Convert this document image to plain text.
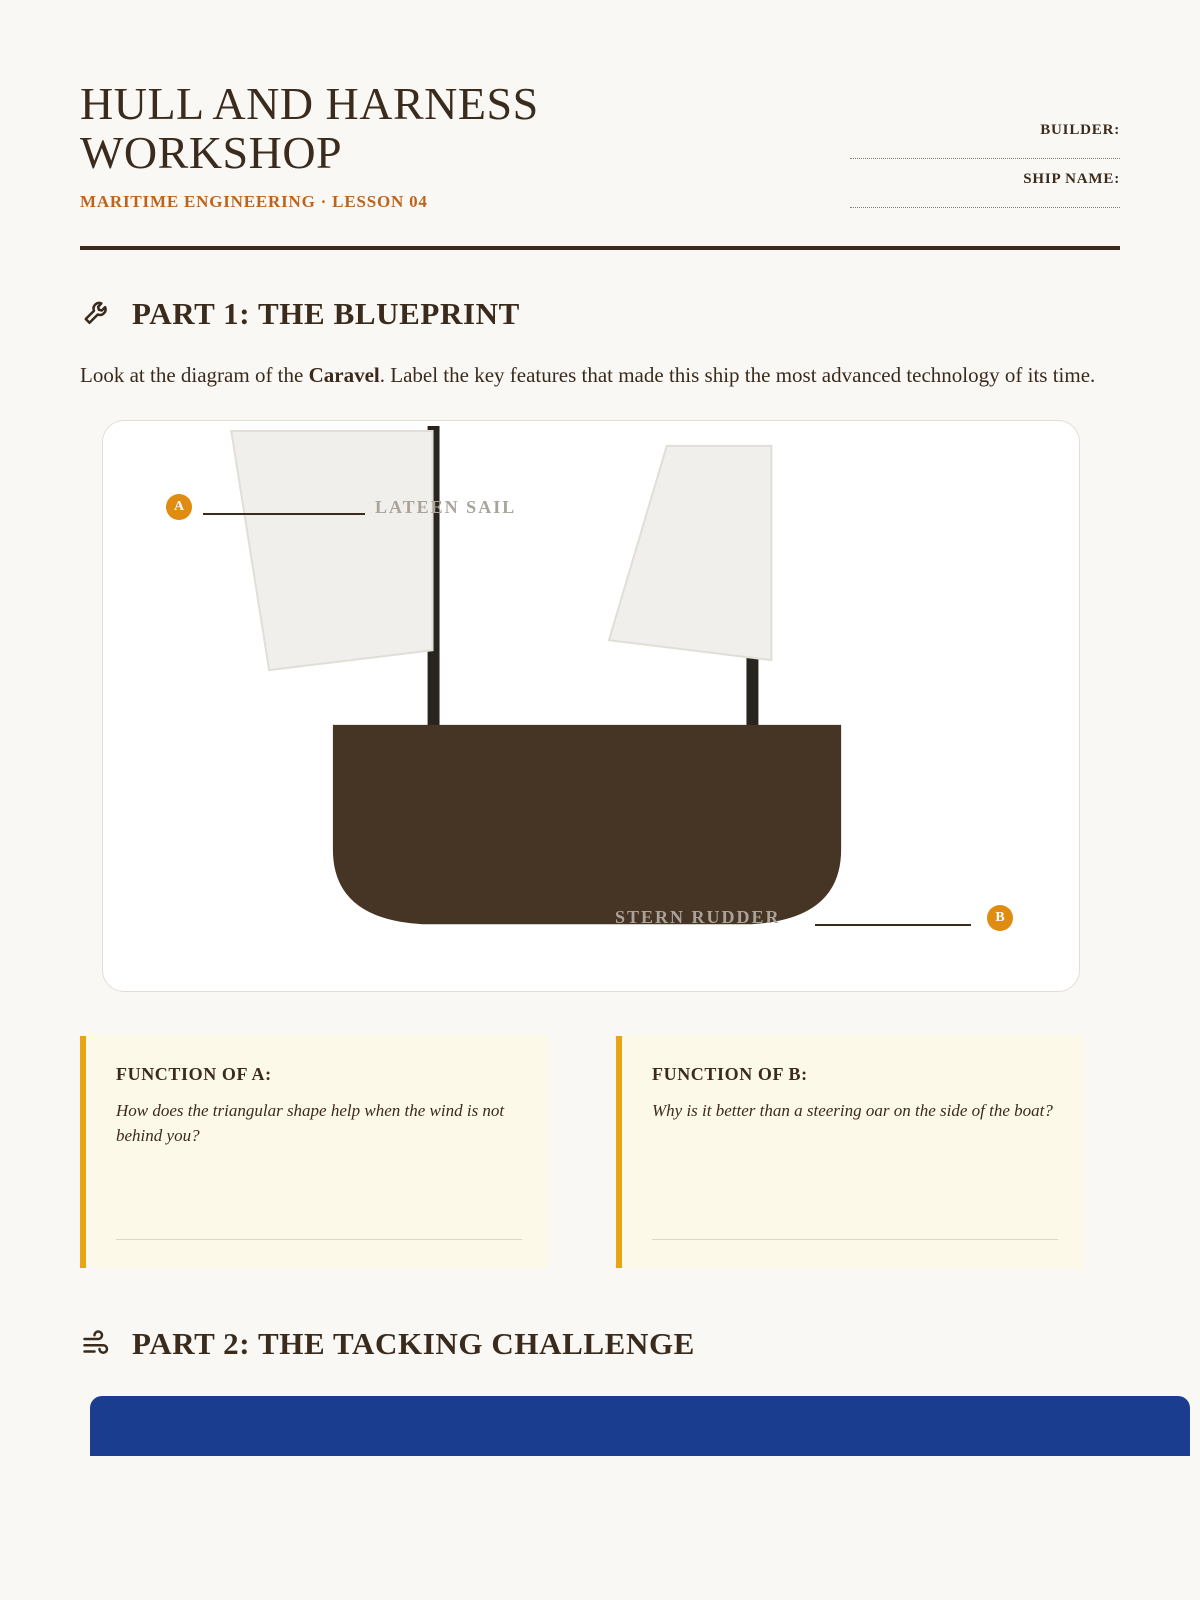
HULL AND HARNESS WORKSHOP
MARITIME ENGINEERING · LESSON 04
BUILDER:
SHIP NAME:
PART 1: THE BLUEPRINT
Look at the diagram of the Caravel. Label the key features that made this ship the most advanced technology of its time.
A	LATEEN SAIL
STERN RUDDER	B
FUNCTION OF A:
How does the triangular shape help when the wind is not behind you?
FUNCTION OF B:
Why is it better than a steering oar on the side of the boat?
PART 2: THE TACKING CHALLENGE
